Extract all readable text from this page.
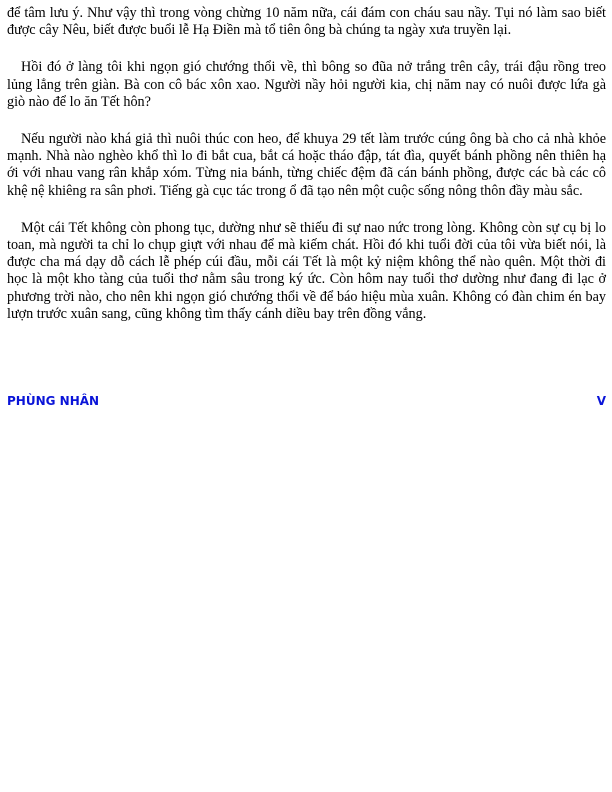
để tâm lưu ý. Như vậy thì trong vòng chừng 10 năm nữa, cái đám con cháu sau nầy. Tụi nó làm sao biết được cây Nêu, biết được buổi lễ Hạ Điền mà tổ tiên ông bà chúng ta ngày xưa truyền lại.

Hồi đó ở làng tôi khi ngọn gió chướng thổi về, thì bông so đũa nở trắng trên cây, trái đậu rồng treo lủng lẳng trên giàn. Bà con cô bác xôn xao. Người nầy hỏi người kia, chị năm nay có nuôi được lứa gà giò nào để lo ăn Tết hôn?

Nếu người nào khá giả thì nuôi thúc con heo, để khuya 29 tết làm trước cúng ông bà cho cả nhà khỏe mạnh. Nhà nào nghèo khổ thì lo đi bắt cua, bắt cá hoặc tháo đập, tát đìa, quyết bánh phồng nên thiên hạ ới với nhau vang rân khắp xóm. Từng nia bánh, từng chiếc đệm đã cán bánh phồng, được các bà các cô khệ nệ khiêng ra sân phơi. Tiếng gà cục tác trong ổ đã tạo nên một cuộc sống nông thôn đầy màu sắc.

Một cái Tết không còn phong tục, dường như sẽ thiếu đi sự nao nức trong lòng. Không còn sự cụ bị lo toan, mà người ta chỉ lo chụp giựt với nhau để mà kiếm chát. Hồi đó khi tuổi đời của tôi vừa biết nói, là được cha má dạy dỗ cách lễ phép cúi đầu, mỗi cái Tết là một kỷ niệm không thể nào quên. Một thời đi học là một kho tàng của tuổi thơ nằm sâu trong ký ức. Còn hôm nay tuổi thơ dường như đang đi lạc ở phương trời nào, cho nên khi ngọn gió chướng thổi về để báo hiệu mùa xuân. Không có đàn chim én bay lượn trước xuân sang, cũng không tìm thấy cánh diều bay trên đồng vắng.

PHÙNG NHÂN	V
